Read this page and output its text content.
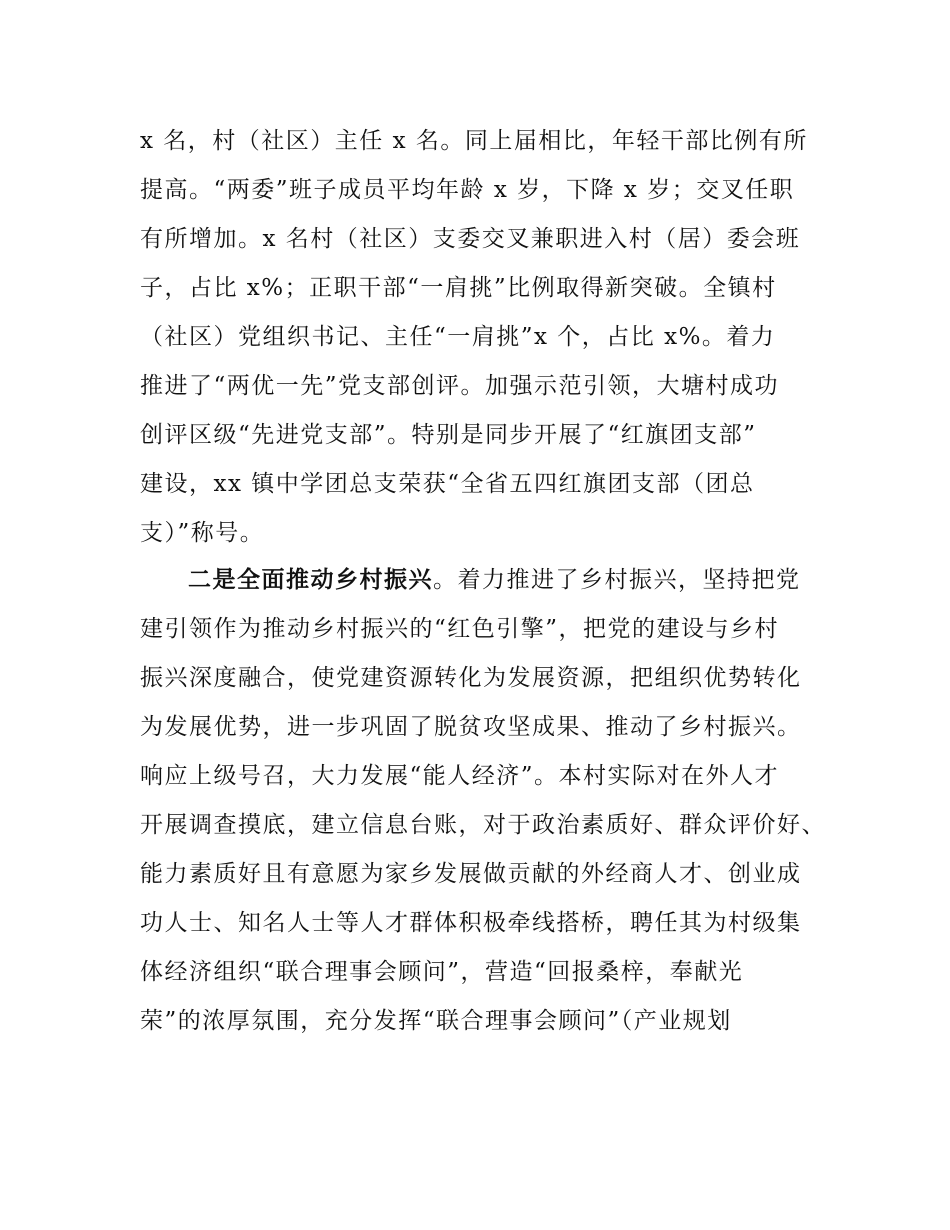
x 名，村（社区）主任 x 名。同上届相比，年轻干部比例有所
提高。“两委”班子成员平均年龄 x 岁，下降 x 岁；交叉任职
有所增加。x 名村（社区）支委交叉兼职进入村（居）委会班
子，占比 x%；正职干部“一肩挑”比例取得新突破。全镇村
（社区）党组织书记、主任“一肩挑”x 个，占比 x%。着力
推进了“两优一先”党支部创评。加强示范引领，大塘村成功
创评区级“先进党支部”。特别是同步开展了“红旗团支部”
建设，xx 镇中学团总支荣获“全省五四红旗团支部（团总
支）”称号。
二是全面推动乡村振兴。着力推进了乡村振兴，坚持把党
建引领作为推动乡村振兴的“红色引擎”，把党的建设与乡村
振兴深度融合，使党建资源转化为发展资源，把组织优势转化
为发展优势，进一步巩固了脱贫攻坚成果、推动了乡村振兴。
响应上级号召，大力发展“能人经济”。本村实际对在外人才
开展调查摸底，建立信息台账，对于政治素质好、群众评价好、
能力素质好且有意愿为家乡发展做贡献的外经商人才、创业成
功人士、知名人士等人才群体积极牵线搭桥，聘任其为村级集
体经济组织“联合理事会顾问”，营造“回报桑梓，奉献光
荣”的浓厚氛围，充分发挥“联合理事会顾问”（产业规划
